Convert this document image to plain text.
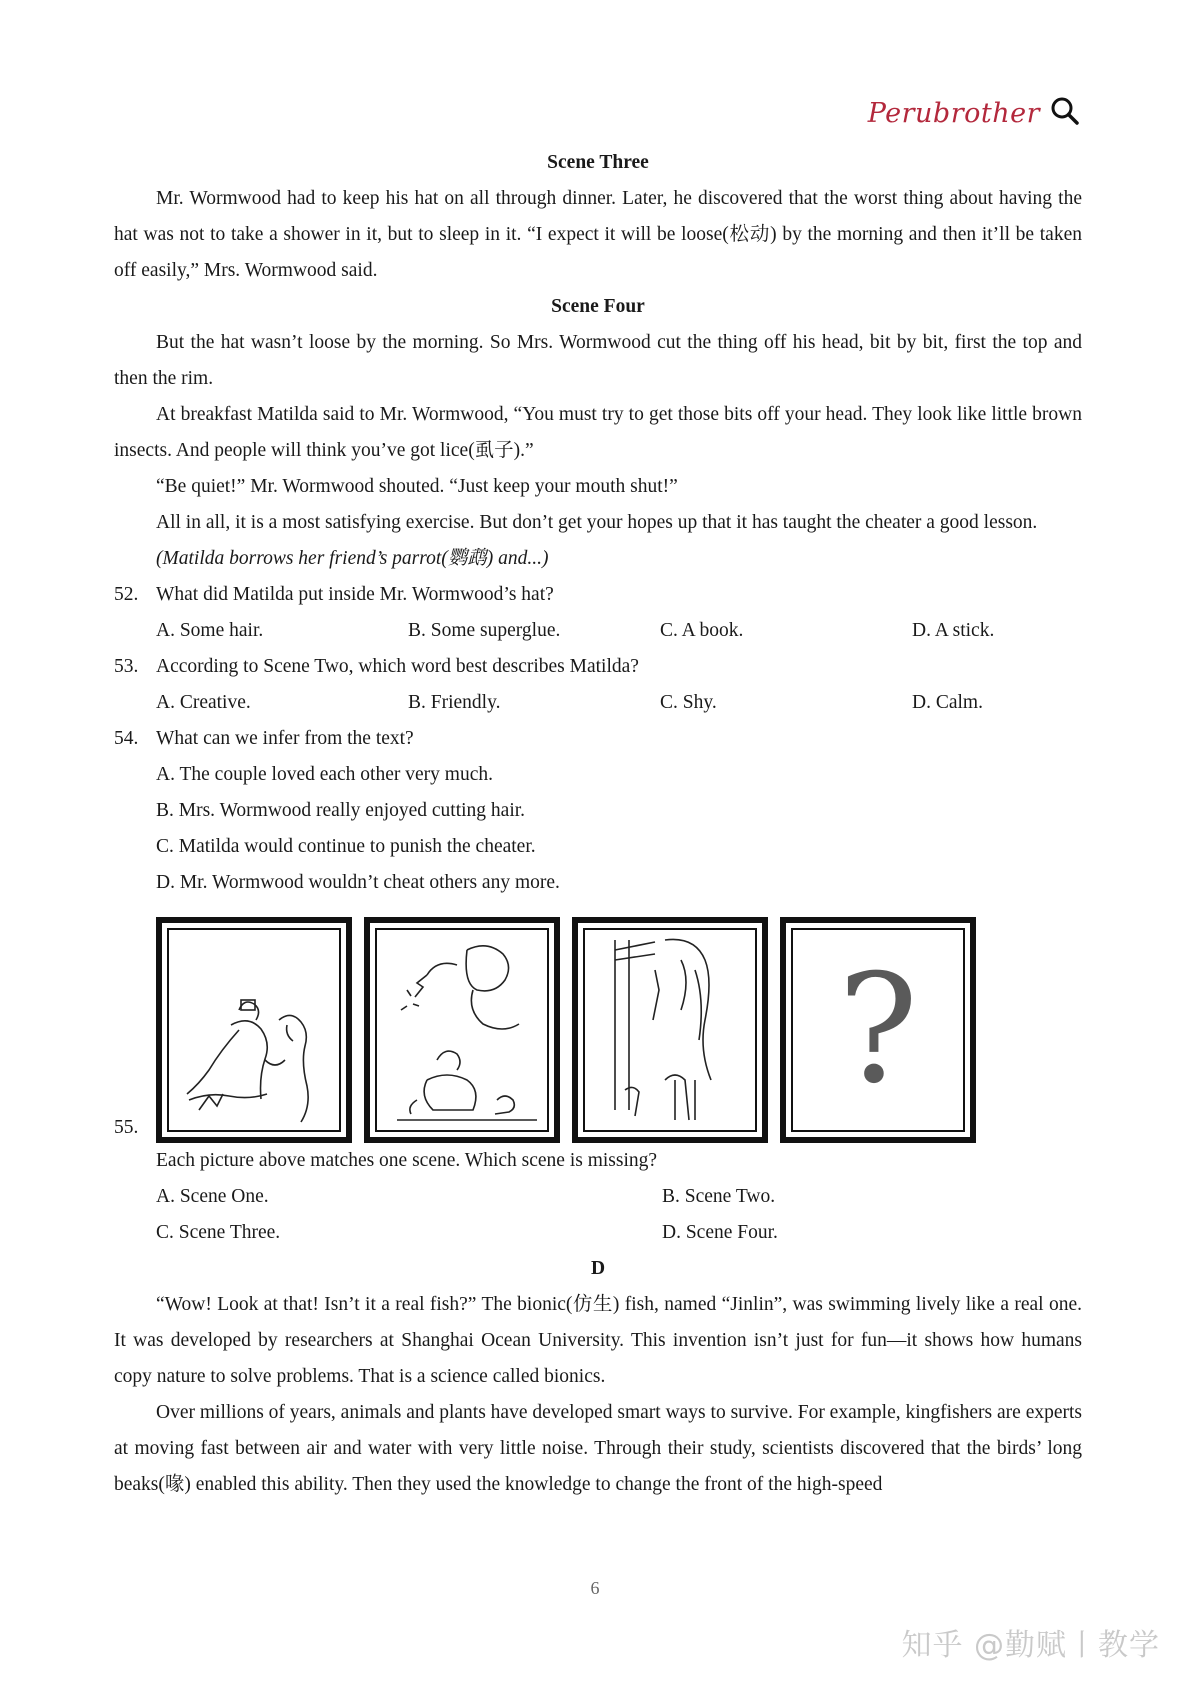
Perubrother
Scene Three

Mr. Wormwood had to keep his hat on all through dinner. Later, he discovered that the worst thing about having the hat was not to take a shower in it, but to sleep in it. “I expect it will be loose(松动) by the morning and then it’ll be taken off easily,” Mrs. Wormwood said.

Scene Four

But the hat wasn’t loose by the morning. So Mrs. Wormwood cut the thing off his head, bit by bit, first the top and then the rim.

At breakfast Matilda said to Mr. Wormwood, “You must try to get those bits off your head. They look like little brown insects. And people will think you’ve got lice(虱子).”

“Be quiet!” Mr. Wormwood shouted. “Just keep your mouth shut!”

All in all, it is a most satisfying exercise. But don’t get your hopes up that it has taught the cheater a good lesson.

(Matilda borrows her friend’s parrot(鹦鹉) and...)
52. What did Matilda put inside Mr. Wormwood’s hat?
A. Some hair.	B. Some superglue.	C. A book.	D. A stick.
53. According to Scene Two, which word best describes Matilda?
A. Creative.	B. Friendly.	C. Shy.	D. Calm.
54. What can we infer from the text?
A. The couple loved each other very much.
B. Mrs. Wormwood really enjoyed cutting hair.
C. Matilda would continue to punish the cheater.
D. Mr. Wormwood wouldn’t cheat others any more.
55.
?
Each picture above matches one scene. Which scene is missing?
A. Scene One.	B. Scene Two.
C. Scene Three.	D. Scene Four.
D

“Wow! Look at that! Isn’t it a real fish?” The bionic(仿生) fish, named “Jinlin”, was swimming lively like a real one. It was developed by researchers at Shanghai Ocean University. This invention isn’t just for fun—it shows how humans copy nature to solve problems. That is a science called bionics.

Over millions of years, animals and plants have developed smart ways to survive. For example, kingfishers are experts at moving fast between air and water with very little noise. Through their study, scientists discovered that the birds’ long beaks(喙) enabled this ability. Then they used the knowledge to change the front of the high-speed

6
知乎 @勤赋丨教学
